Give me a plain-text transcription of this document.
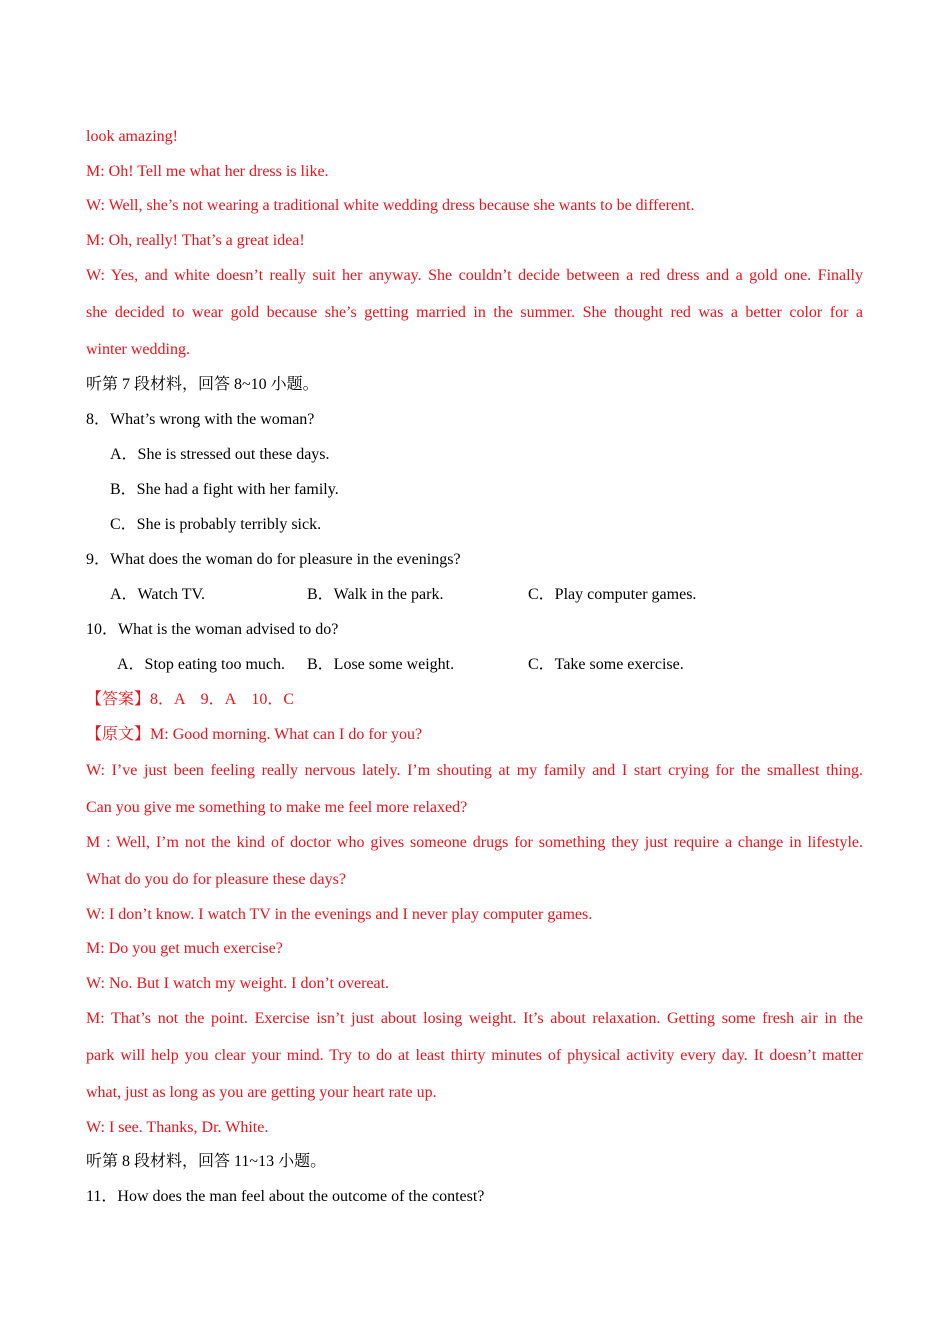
look amazing!
M: Oh! Tell me what her dress is like.
W: Well, she’s not wearing a traditional white wedding dress because she wants to be different.
M: Oh, really! That’s a great idea!
W: Yes, and white doesn’t really suit her anyway. She couldn’t decide between a red dress and a gold one. Finally
she decided to wear gold because she’s getting married in the summer. She thought red was a better color for a
winter wedding.
听第 7 段材料，回答 8~10 小题。
8．What’s wrong with the woman?
A．She is stressed out these days.
B．She had a fight with her family.
C．She is probably terribly sick.
9．What does the woman do for pleasure in the evenings?
A．Watch TV.	B．Walk in the park.	C．Play computer games.
10．What is the woman advised to do?
A．Stop eating too much. B．Lose some weight.	C．Take some exercise.
【答案】8．A　9．A　10．C
【原文】M: Good morning. What can I do for you?
W: I’ve just been feeling really nervous lately. I’m shouting at my family and I start crying for the smallest thing.
Can you give me something to make me feel more relaxed?
M : Well, I’m not the kind of doctor who gives someone drugs for something they just require a change in lifestyle.
What do you do for pleasure these days?
W: I don’t know. I watch TV in the evenings and I never play computer games.
M: Do you get much exercise?
W: No. But I watch my weight. I don’t overeat.
M: That’s not the point. Exercise isn’t just about losing weight. It’s about relaxation. Getting some fresh air in the
park will help you clear your mind. Try to do at least thirty minutes of physical activity every day. It doesn’t matter
what, just as long as you are getting your heart rate up.
W: I see. Thanks, Dr. White.
听第 8 段材料，回答 11~13 小题。
11．How does the man feel about the outcome of the contest?
